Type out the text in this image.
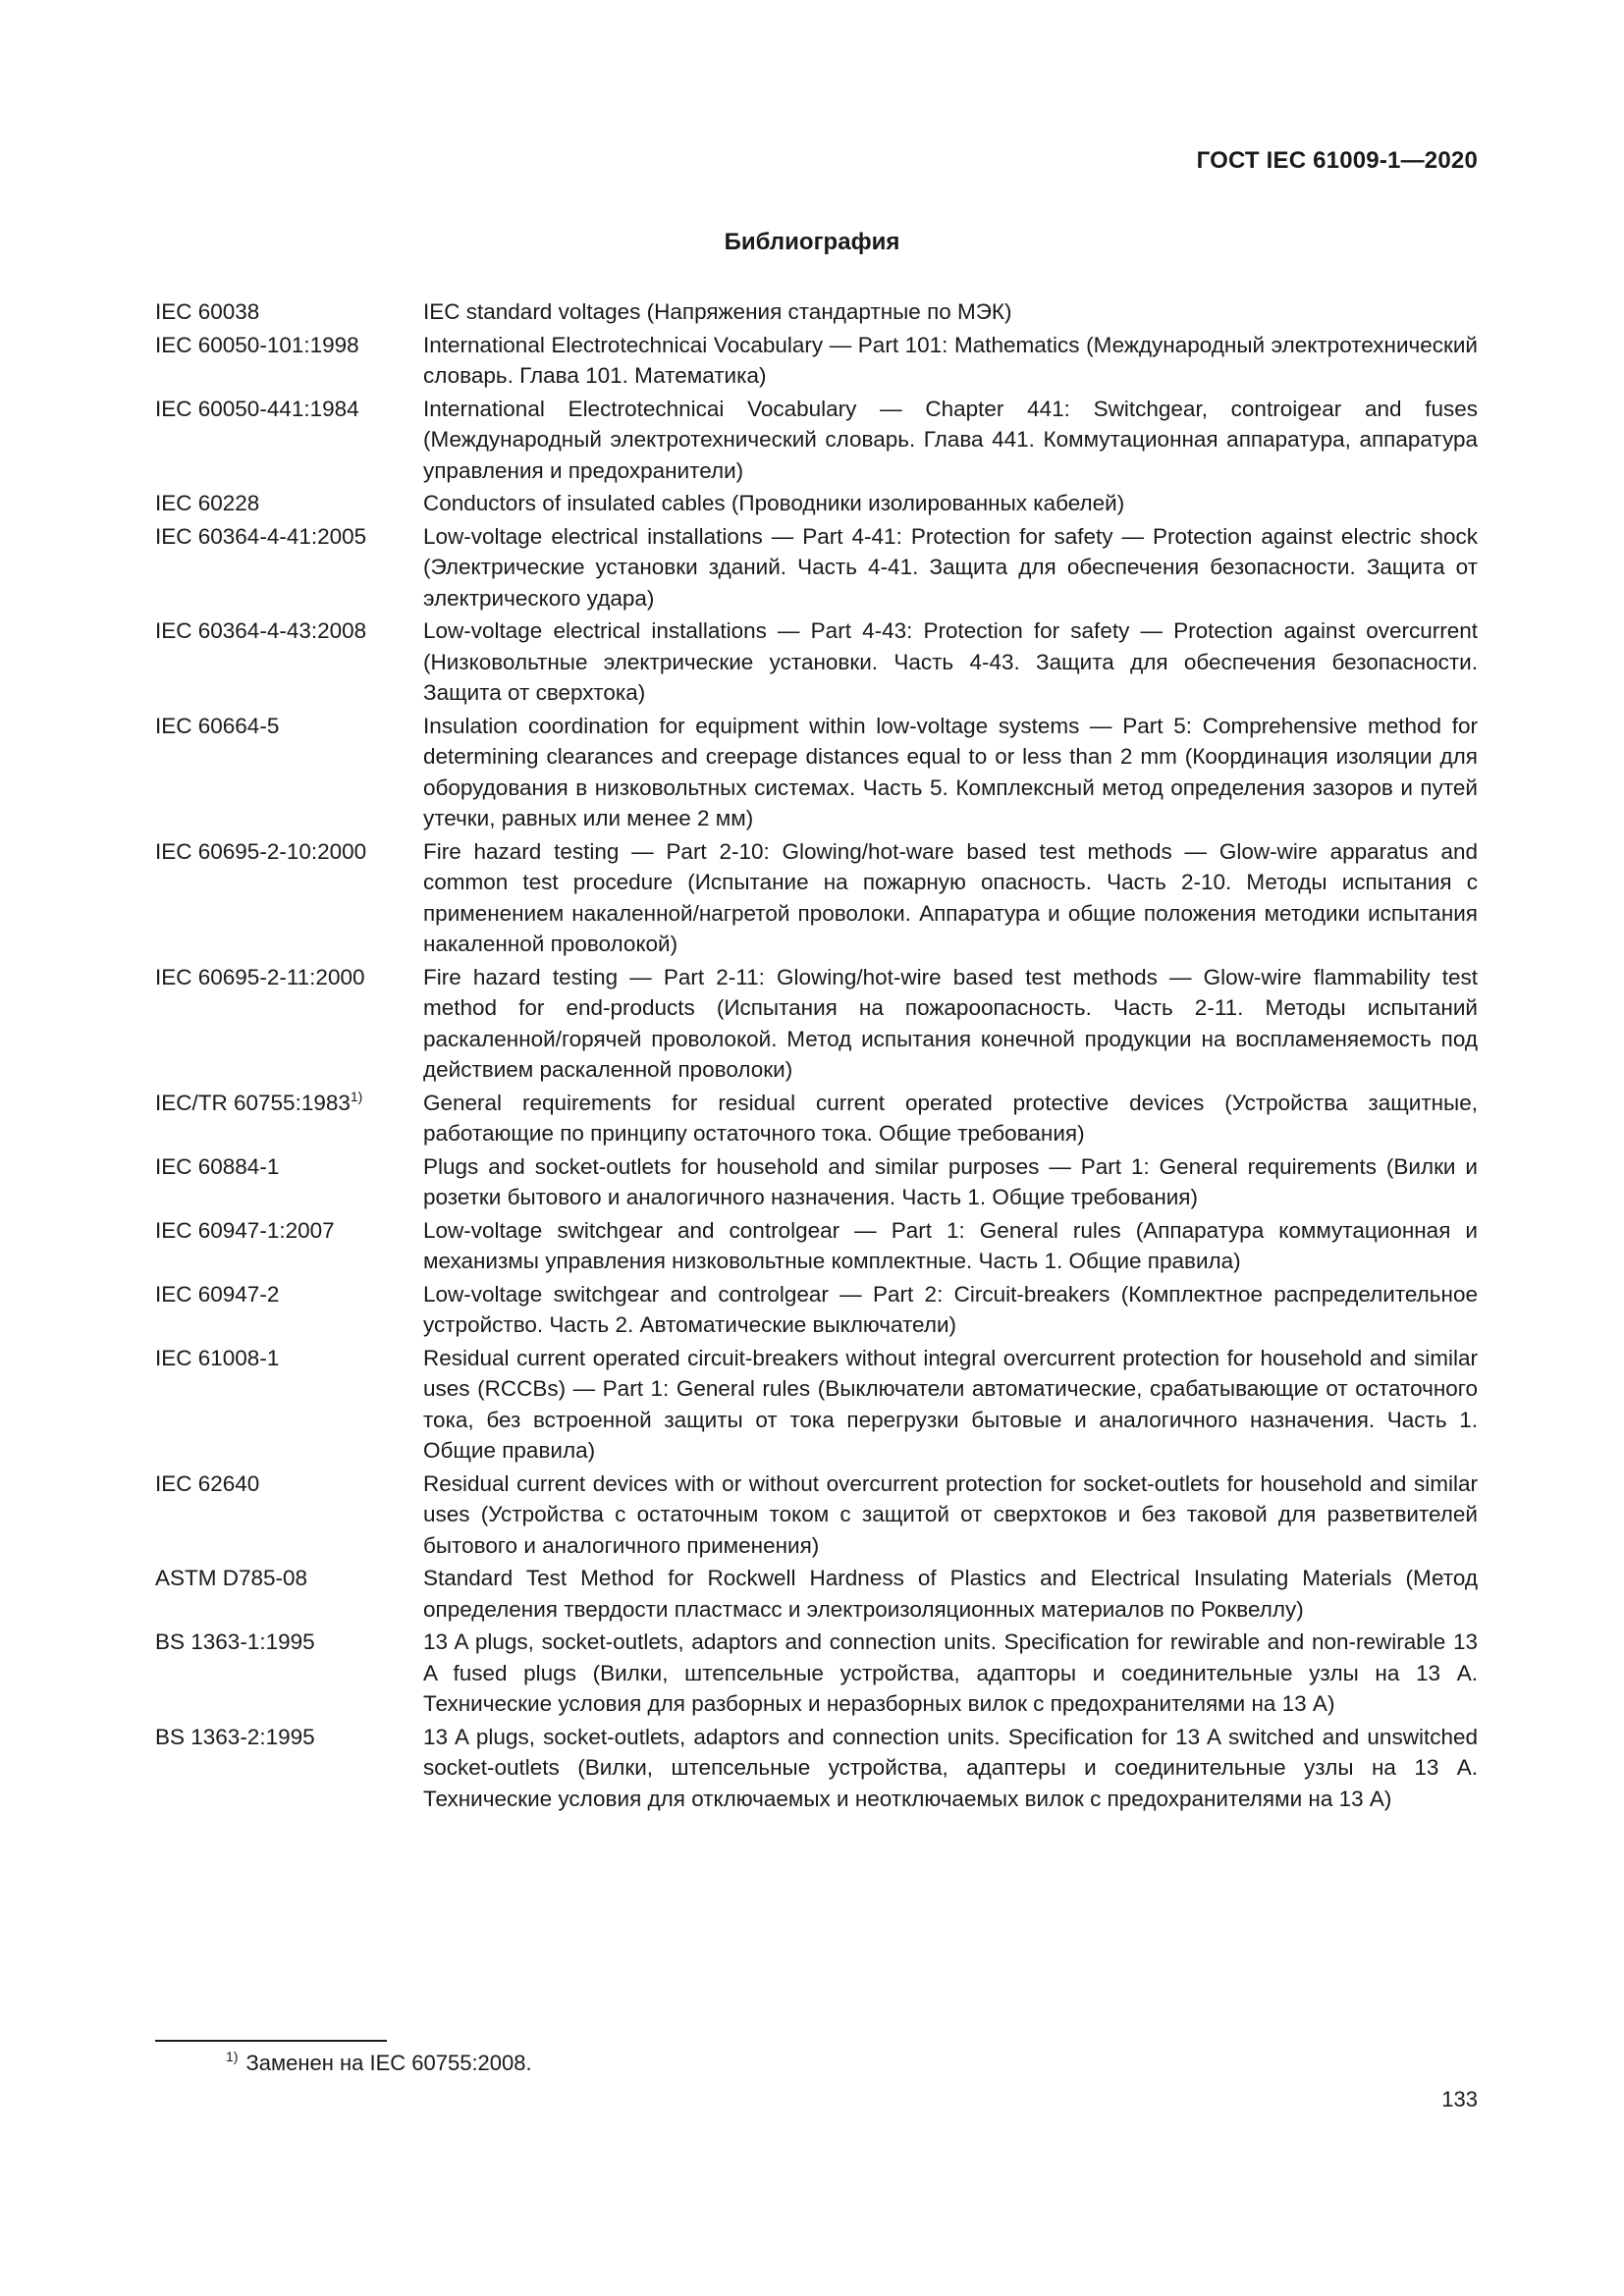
ГОСТ IEC 61009-1—2020
Библиография
IEC 60038	IEC standard voltages (Напряжения стандартные по МЭК)
IEC 60050-101:1998	International Electrotechnicai Vocabulary — Part 101: Mathematics (Международный электротехнический словарь. Глава 101. Математика)
IEC 60050-441:1984	International Electrotechnicai Vocabulary — Chapter 441: Switchgear, controigear and fuses (Международный электротехнический словарь. Глава 441. Коммутационная аппаратура, аппаратура управления и предохранители)
IEC 60228	Conductors of insulated cables (Проводники изолированных кабелей)
IEC 60364-4-41:2005	Low-voltage electrical installations — Part 4-41: Protection for safety — Protection against electric shock (Электрические установки зданий. Часть 4-41. Защита для обеспечения безопасности. Защита от электрического удара)
IEC 60364-4-43:2008	Low-voltage electrical installations — Part 4-43: Protection for safety — Protection against overcurrent (Низковольтные электрические установки. Часть 4-43. Защита для обеспечения безопасности. Защита от сверхтока)
IEC 60664-5	Insulation coordination for equipment within low-voltage systems — Part 5: Comprehensive method for determining clearances and creepage distances equal to or less than 2 mm (Координация изоляции для оборудования в низковольтных системах. Часть 5. Комплексный метод определения зазоров и путей утечки, равных или менее 2 мм)
IEC 60695-2-10:2000	Fire hazard testing — Part 2-10: Glowing/hot-ware based test methods — Glow-wire apparatus and common test procedure (Испытание на пожарную опасность. Часть 2-10. Методы испытания с применением накаленной/нагретой проволоки. Аппаратура и общие положения методики испытания накаленной проволокой)
IEC 60695-2-11:2000	Fire hazard testing — Part 2-11: Glowing/hot-wire based test methods — Glow-wire flammability test method for end-products (Испытания на пожароопасность. Часть 2-11. Методы испытаний раскаленной/горячей проволокой. Метод испытания конечной продукции на воспламеняемость под действием раскаленной проволоки)
IEC/TR 60755:1983$^{1)}$	General requirements for residual current operated protective devices (Устройства защитные, работающие по принципу остаточного тока. Общие требования)
IEC 60884-1	Plugs and socket-outlets for household and similar purposes — Part 1: General requirements (Вилки и розетки бытового и аналогичного назначения. Часть 1. Общие требования)
IEC 60947-1:2007	Low-voltage switchgear and controlgear — Part 1: General rules (Аппаратура коммутационная и механизмы управления низковольтные комплектные. Часть 1. Общие правила)
IEC 60947-2	Low-voltage switchgear and controlgear — Part 2: Circuit-breakers (Комплектное распределительное устройство. Часть 2. Автоматические выключатели)
IEC 61008-1	Residual current operated circuit-breakers without integral overcurrent protection for household and similar uses (RCCBs) — Part 1: General rules (Выключатели автоматические, срабатывающие от остаточного тока, без встроенной защиты от тока перегрузки бытовые и аналогичного назначения. Часть 1. Общие правила)
IEC 62640	Residual current devices with or without overcurrent protection for socket-outlets for household and similar uses (Устройства с остаточным током с защитой от сверхтоков и без таковой для разветвителей бытового и аналогичного применения)
ASTM D785-08	Standard Test Method for Rockwell Hardness of Plastics and Electrical Insulating Materials (Метод определения твердости пластмасс и электроизоляционных материалов по Роквеллу)
BS 1363-1:1995	13 A plugs, socket-outlets, adaptors and connection units. Specification for rewirable and non-rewirable 13 A fused plugs (Вилки, штепсельные устройства, адапторы и соединительные узлы на 13 А. Технические условия для разборных и неразборных вилок с предохранителями на 13 А)
BS 1363-2:1995	13 A plugs, socket-outlets, adaptors and connection units. Specification for 13 A switched and unswitched socket-outlets (Вилки, штепсельные устройства, адаптеры и соединительные узлы на 13 А. Технические условия для отключаемых и неотключаемых вилок с предохранителями на 13 А)
$^{1)}$ Заменен на IEC 60755:2008.
133
